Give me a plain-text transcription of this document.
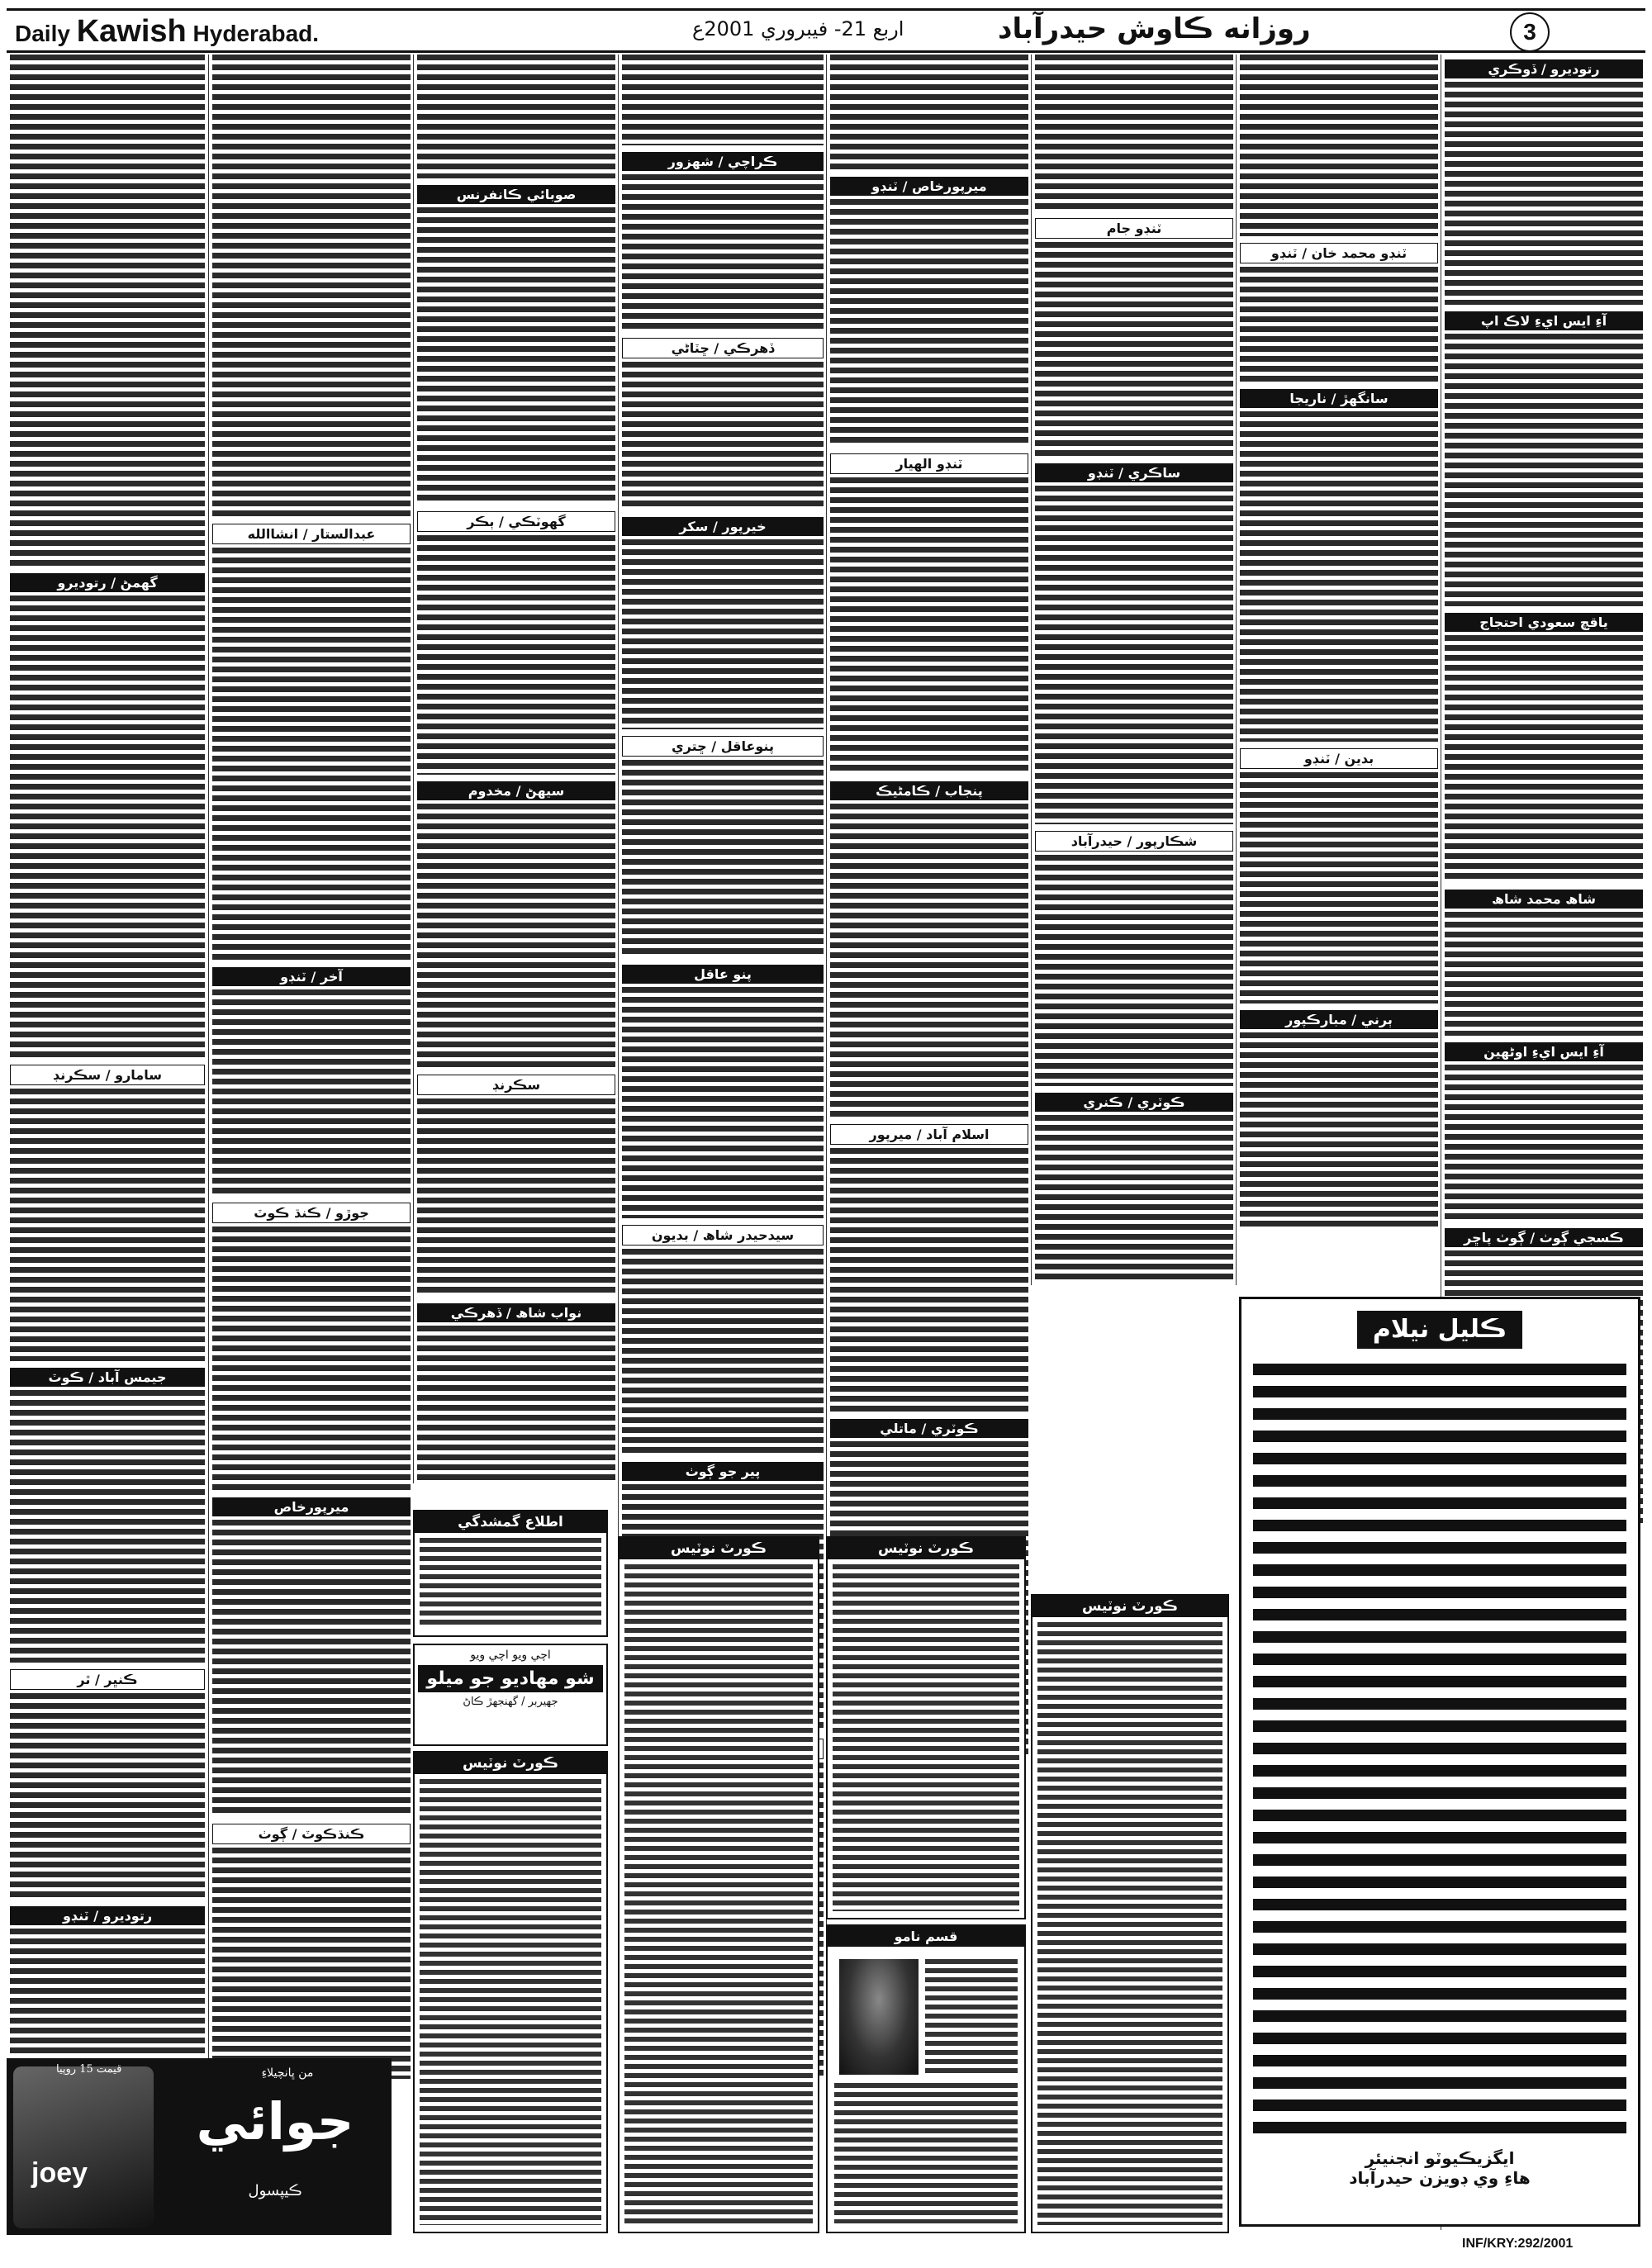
Daily Kawish Hyderabad.	اربع 21- فيبروري 2001ع	روزانه ڪاوش حيدرآباد	3
رتوديرو / ڏوڪري
آءِ ايس ايءِ لاڪ اپ
ياقچ سعودي احتجاج
شاھ محمد شاھ
آءِ ايس ايءِ اوڻهين
ڪسجي ڳوٺ / ڳوٺ پاڇر
ٽنڊو محمد خان / ٽنڊو
سانگهڙ / ناريجا
بدين / ٽنڊو
ٻرني / مبارڪپور
ٽنڊو جام
ساڪري / ٽنڊو
شڪارپور / حيدرآباد
ڪوٽري / ڪنري
ميرپورخاص / ٽنڊو
ٽنڊو الهيار
پنجاب / ڪامڻيڪ
اسلام آباد / ميرپور
ڪوٽري / ماتلي
ڪراچي / شهزور
ڏهرڪي / ڇٽاڻي
خيرپور / سکر
پنوعاقل / ڇتري
پنو عاقل
سيدحيدر شاھ / بديون
پير جو ڳوٺ
صوبائي ڪانفرنس
گهوٽڪي / ٻڪر
سيهڻ / مخدوم
سڪرنڊ
نواب شاھ / ڏهرڪي
عبدالستار / انشاالله
آخر / ٽنڊو
جوڙو / ڪنڌ ڪوٽ
ميرپورخاص
ڪنڌڪوٽ / ڳوٺ
گهمڻ / رتوديرو
سامارو / سڪرنڊ
جيمس آباد / ڪوٽ
ڪنڀر / ٿر
رتوديرو / ٽنڊو
اطلاع گمشدگي
اچي ويو اچي ويو
شو مهاديو جو ميلو
جهيربر / گهنجهڙ ڪاڻ
ڪورٽ نوٽيس
ڪورٽ نوٽيس	ڪورٽ نوٽيس
ڪورٽ نوٽيس
قسم نامو
ڪليل نيلام
ايگزيڪيوٽو انجنيئر
هاءِ وي ڊويزن حيدرآباد
INF/KRY:292/2001
قيمت 15 روپيا
joey
من ڀانچيلاءِ
جوائي
ڪيپسول
